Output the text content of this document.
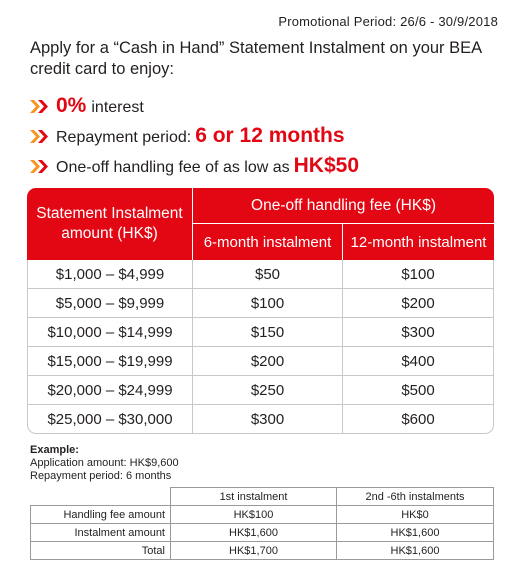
Promotional Period: 26/6 - 30/9/2018
Apply for a “Cash in Hand” Statement Instalment on your BEA credit card to enjoy:
0% interest
Repayment period: 6 or 12 months
One-off handling fee of as low as HK$50
Statement Instalment amount (HK$)	One-off handling fee (HK$)	
	6-month instalment	12-month instalment
$1,000 – $4,999	$50	$100
$5,000 – $9,999	$100	$200
$10,000 – $14,999	$150	$300
$15,000 – $19,999	$200	$400
$20,000 – $24,999	$250	$500
$25,000 – $30,000	$300	$600
Example:
Application amount: HK$9,600
Repayment period: 6 months
	1st instalment	2nd -6th instalments
Handling fee amount	HK$100	HK$0
Instalment amount	HK$1,600	HK$1,600
Total	HK$1,700	HK$1,600
